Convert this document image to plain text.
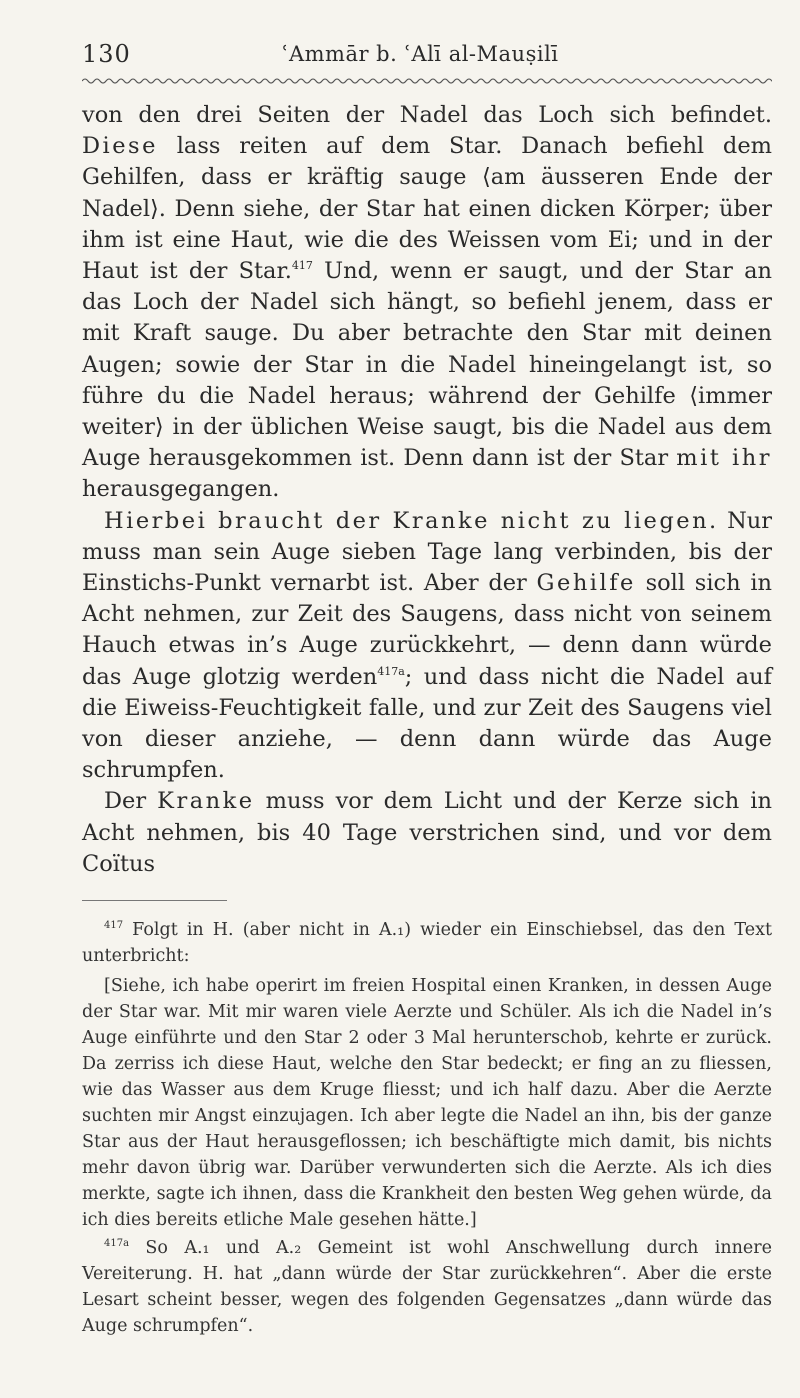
130	ʿAmmār b. ʿAlī al-Mauṣilī

von den drei Seiten der Nadel das Loch sich befindet. Diese lass reiten auf dem Star. Danach befiehl dem Gehilfen, dass er kräftig sauge ⟨am äusseren Ende der Nadel⟩. Denn siehe, der Star hat einen dicken Körper; über ihm ist eine Haut, wie die des Weissen vom Ei; und in der Haut ist der Star.$^{417}$ Und, wenn er saugt, und der Star an das Loch der Nadel sich hängt, so befiehl jenem, dass er mit Kraft sauge. Du aber betrachte den Star mit deinen Augen; sowie der Star in die Nadel hineingelangt ist, so führe du die Nadel heraus; während der Gehilfe ⟨immer weiter⟩ in der üblichen Weise saugt, bis die Nadel aus dem Auge herausgekommen ist. Denn dann ist der Star mit ihr herausgegangen.

Hierbei braucht der Kranke nicht zu liegen. Nur muss man sein Auge sieben Tage lang verbinden, bis der Einstichs-Punkt vernarbt ist. Aber der Gehilfe soll sich in Acht nehmen, zur Zeit des Saugens, dass nicht von seinem Hauch etwas in’s Auge zurückkehrt, — denn dann würde das Auge glotzig werden$^{417a}$; und dass nicht die Nadel auf die Eiweiss-Feuchtigkeit falle, und zur Zeit des Saugens viel von dieser anziehe, — denn dann würde das Auge schrumpfen.

Der Kranke muss vor dem Licht und der Kerze sich in Acht nehmen, bis 40 Tage verstrichen sind, und vor dem Coïtus

$^{417}$ Folgt in H. (aber nicht in A.₁) wieder ein Einschiebsel, das den Text unterbricht:

[Siehe, ich habe operirt im freien Hospital einen Kranken, in dessen Auge der Star war. Mit mir waren viele Aerzte und Schüler. Als ich die Nadel in’s Auge einführte und den Star 2 oder 3 Mal herunterschob, kehrte er zurück. Da zerriss ich diese Haut, welche den Star bedeckt; er fing an zu fliessen, wie das Wasser aus dem Kruge fliesst; und ich half dazu. Aber die Aerzte suchten mir Angst einzujagen. Ich aber legte die Nadel an ihn, bis der ganze Star aus der Haut herausgeflossen; ich beschäftigte mich damit, bis nichts mehr davon übrig war. Darüber verwunderten sich die Aerzte. Als ich dies merkte, sagte ich ihnen, dass die Krankheit den besten Weg gehen würde, da ich dies bereits etliche Male gesehen hätte.]

$^{417a}$ So A.₁ und A.₂ Gemeint ist wohl Anschwellung durch innere Vereiterung. H. hat „dann würde der Star zurückkehren“. Aber die erste Lesart scheint besser, wegen des folgenden Gegensatzes „dann würde das Auge schrumpfen“.
